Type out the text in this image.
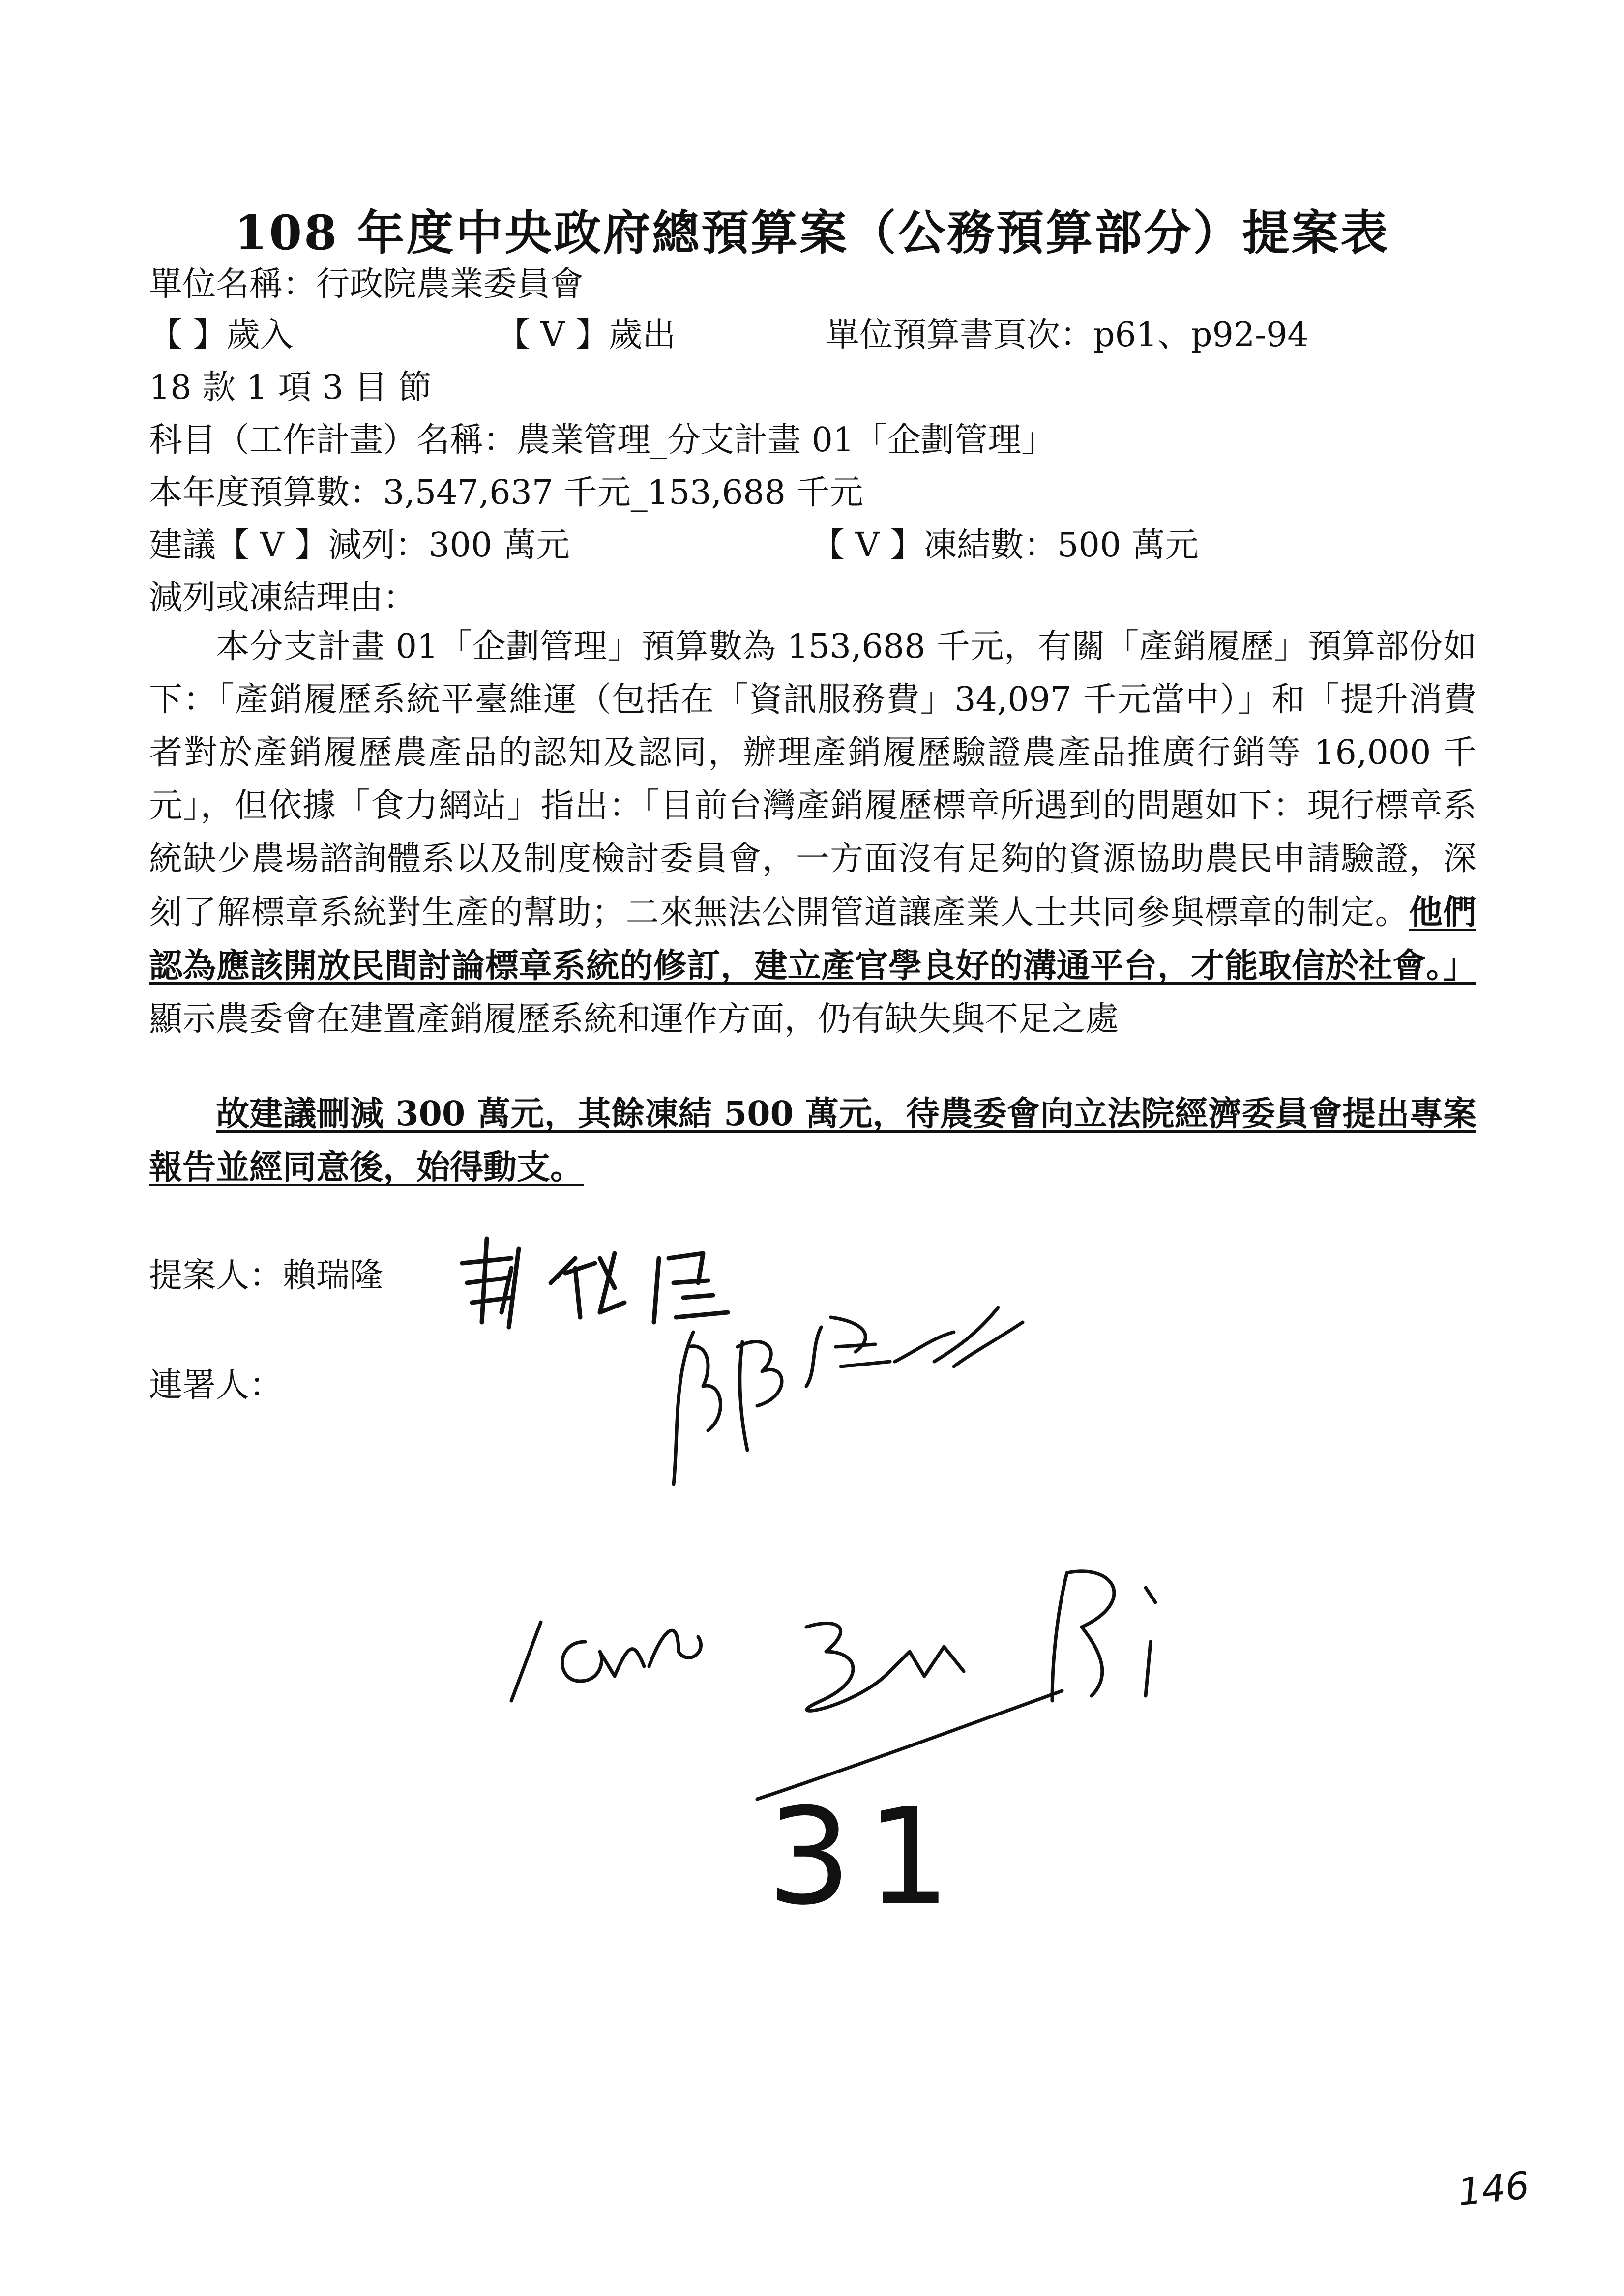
108 年度中央政府總預算案（公務預算部分）提案表
單位名稱：行政院農業委員會
【 】歲入	【 V 】歲出	單位預算書頁次：p61、p92-94
18 款 1 項 3 目 節
科目（工作計畫）名稱：農業管理_分支計畫 01「企劃管理」
本年度預算數：3,547,637 千元_153,688 千元
建議【 V 】減列：300 萬元	【 V 】凍結數：500 萬元
減列或凍結理由：

本分支計畫 01「企劃管理」預算數為 153,688 千元，有關「產銷履歷」預算部份如下：「產銷履歷系統平臺維運（包括在「資訊服務費」34,097 千元當中）」和「提升消費者對於產銷履歷農產品的認知及認同，辦理產銷履歷驗證農產品推廣行銷等 16,000 千元」，但依據「食力網站」指出：「目前台灣產銷履歷標章所遇到的問題如下：現行標章系統缺少農場諮詢體系以及制度檢討委員會，一方面沒有足夠的資源協助農民申請驗證，深刻了解標章系統對生產的幫助；二來無法公開管道讓產業人士共同參與標章的制定。他們認為應該開放民間討論標章系統的修訂，建立產官學良好的溝通平台，才能取信於社會。」顯示農委會在建置產銷履歷系統和運作方面，仍有缺失與不足之處

故建議刪減 300 萬元，其餘凍結 500 萬元，待農委會向立法院經濟委員會提出專案報告並經同意後，始得動支。

提案人：賴瑞隆
連署人：
31
146
